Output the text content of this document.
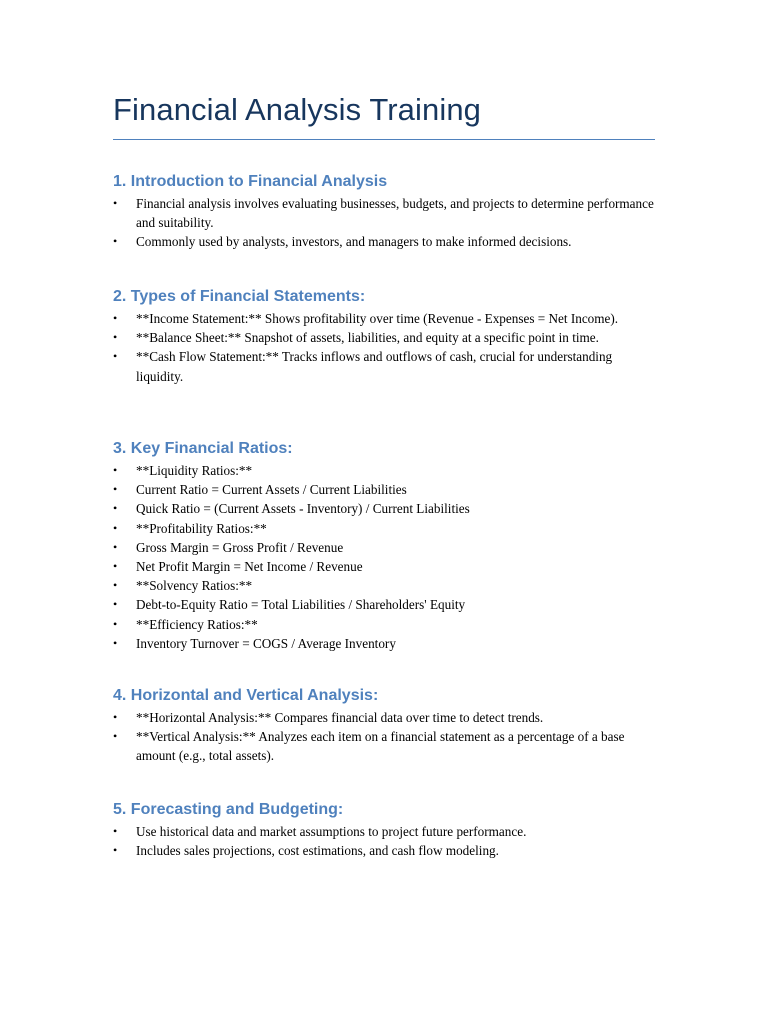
Financial Analysis Training
1. Introduction to Financial Analysis
• Financial analysis involves evaluating businesses, budgets, and projects to determine performance and suitability.
• Commonly used by analysts, investors, and managers to make informed decisions.
2. Types of Financial Statements:
• **Income Statement:** Shows profitability over time (Revenue - Expenses = Net Income).
• **Balance Sheet:** Snapshot of assets, liabilities, and equity at a specific point in time.
• **Cash Flow Statement:** Tracks inflows and outflows of cash, crucial for understanding liquidity.
3. Key Financial Ratios:
• **Liquidity Ratios:**
• Current Ratio = Current Assets / Current Liabilities
• Quick Ratio = (Current Assets - Inventory) / Current Liabilities
• **Profitability Ratios:**
• Gross Margin = Gross Profit / Revenue
• Net Profit Margin = Net Income / Revenue
• **Solvency Ratios:**
• Debt-to-Equity Ratio = Total Liabilities / Shareholders' Equity
• **Efficiency Ratios:**
• Inventory Turnover = COGS / Average Inventory
4. Horizontal and Vertical Analysis:
• **Horizontal Analysis:** Compares financial data over time to detect trends.
• **Vertical Analysis:** Analyzes each item on a financial statement as a percentage of a base amount (e.g., total assets).
5. Forecasting and Budgeting:
• Use historical data and market assumptions to project future performance.
• Includes sales projections, cost estimations, and cash flow modeling.
